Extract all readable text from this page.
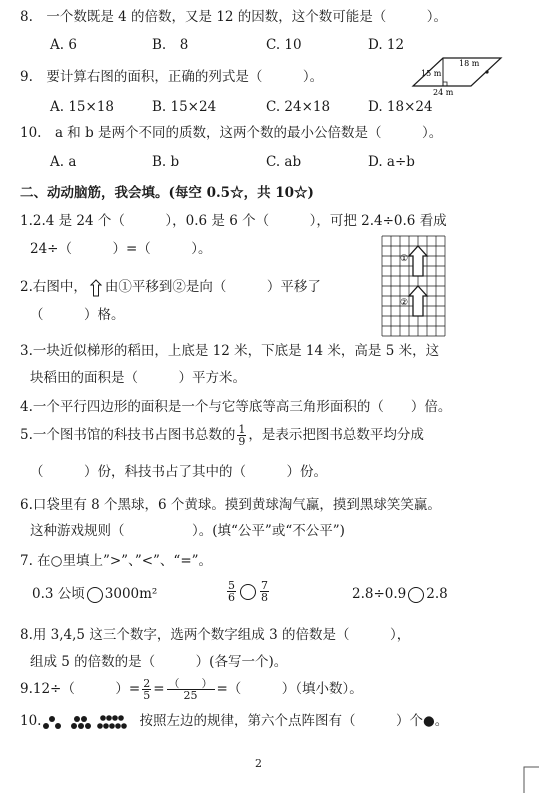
8.　一个数既是 4 的倍数，又是 12 的因数，这个数可能是（　　　）。
A. 6	B.　8	C. 10	D. 12
9.　要计算右图的面积，正确的列式是（　　　）。
18 m
15 m
24 m
A. 15×18	B. 15×24	C. 24×18	D. 18×24
10.　a 和 b 是两个不同的质数，这两个数的最小公倍数是（　　　）。
A. a	B. b	C. ab	D. a÷b
二、动动脑筋，我会填。(每空 0.5☆，共 10☆)
1.2.4 是 24 个（　　　），0.6 是 6 个（　　　），可把 2.4÷0.6 看成
24÷（　　　）=（　　　）。
①
②
2.右图中， 由①平移到②是向（　　　）平移了
（　　　）格。
3.一块近似梯形的稻田，上底是 12 米，下底是 14 米，高是 5 米，这
块稻田的面积是（　　　）平方米。
4.一个平行四边形的面积是一个与它等底等高三角形面积的（　　）倍。
5.一个图书馆的科技书占图书总数的 $\frac{1}{9}$ ，是表示把图书总数平均分成
（　　　）份，科技书占了其中的（　　　）份。
6.口袋里有 8 个黑球，6 个黄球。摸到黄球淘气赢，摸到黑球笑笑赢。
这种游戏规则（　　　　　）。(填“公平”或“不公平”)
7. 在○里填上”>”、”<”、“=”。
0.3 公顷 3000m²	$\frac{5}{6} \frac{7}{8}$	2.8÷0.9 2.8
8.用 3,4,5 这三个数字，选两个数字组成 3 的倍数是（　　　），
组成 5 的倍数的是（　　　）(各写一个)。
9.12÷（　　　）= $\frac{2}{5} = \frac{( )}{25}$ =（　　　）（填小数）。
10.	按照左边的规律，第六个点阵图有（　　　）个●。
2
